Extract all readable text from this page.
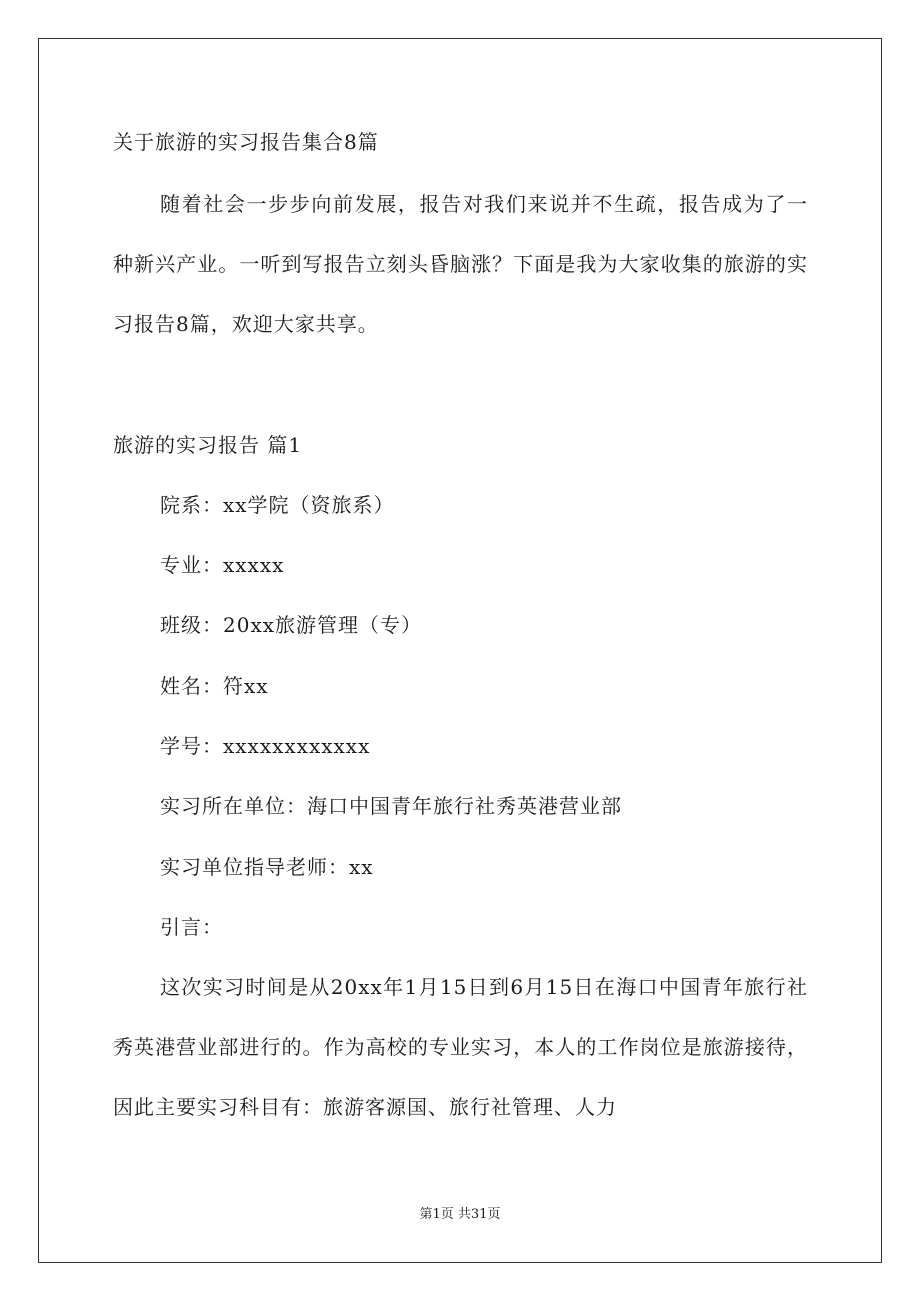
关于旅游的实习报告集合8篇
随着社会一步步向前发展，报告对我们来说并不生疏，报告成为了一种新兴产业。一听到写报告立刻头昏脑涨？下面是我为大家收集的旅游的实习报告8篇，欢迎大家共享。
旅游的实习报告 篇1
院系：xx学院（资旅系）
专业：xxxxx
班级：20xx旅游管理（专）
姓名：符xx
学号：xxxxxxxxxxxx
实习所在单位：海口中国青年旅行社秀英港营业部
实习单位指导老师：xx
引言：
这次实习时间是从20xx年1月15日到6月15日在海口中国青年旅行社秀英港营业部进行的。作为高校的专业实习，本人的工作岗位是旅游接待，因此主要实习科目有：旅游客源国、旅行社管理、人力
第1页 共31页
